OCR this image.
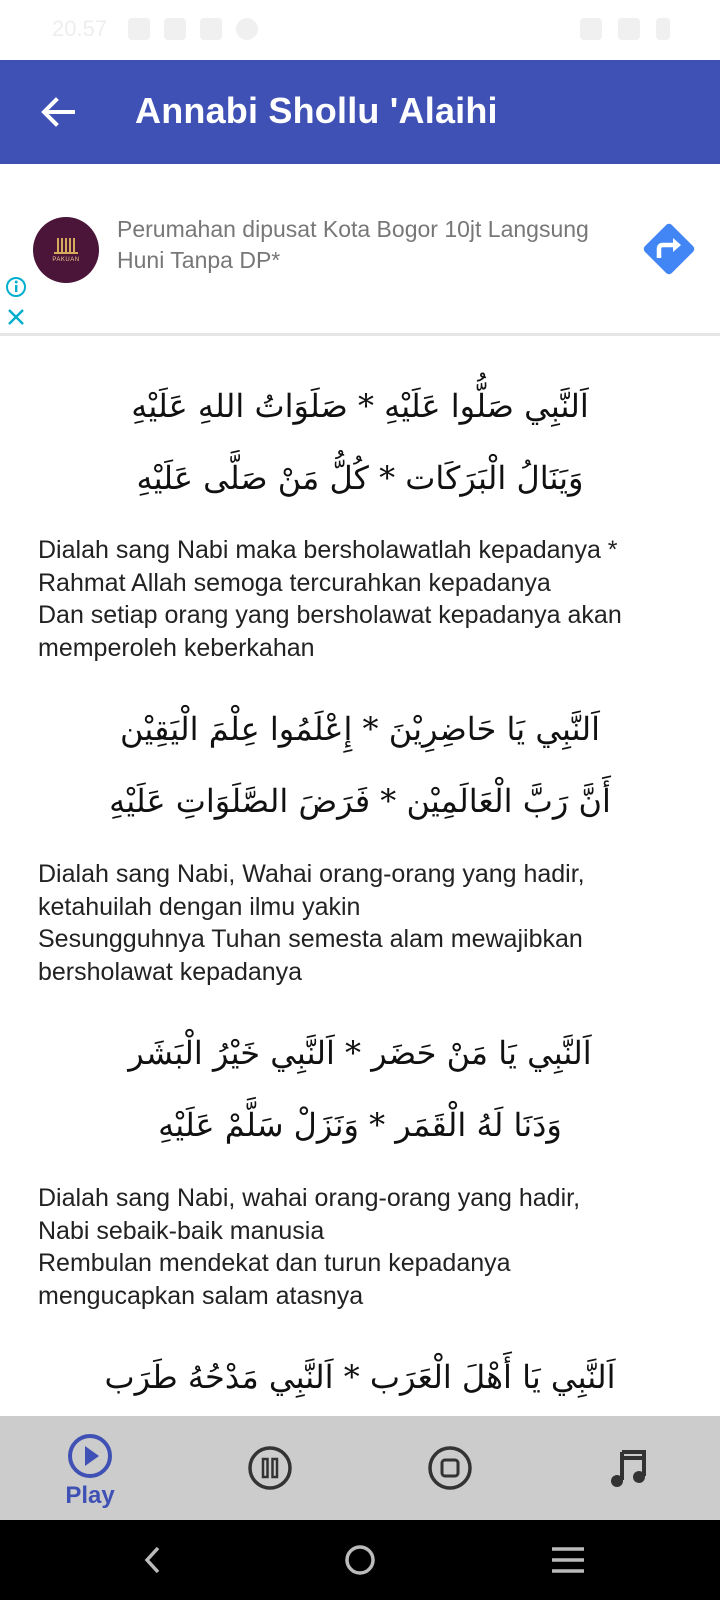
20.57
Annabi Shollu 'Alaihi
PAKUAN
Perumahan dipusat Kota Bogor 10jt Langsung Huni Tanpa DP*
اَلنَّبِي صَلُّوا عَلَيْهِ * صَلَوَاتُ اللهِ عَلَيْهِ
وَيَنَالُ الْبَرَكَات * كُلُّ مَنْ صَلَّى عَلَيْهِ
Dialah sang Nabi maka bersholawatlah kepadanya *
Rahmat Allah semoga tercurahkan kepadanya
Dan setiap orang yang bersholawat kepadanya akan
memperoleh keberkahan
اَلنَّبِي يَا حَاضِرِيْنَ * إِعْلَمُوا عِلْمَ الْيَقِيْن
أَنَّ رَبَّ الْعَالَمِيْن * فَرَضَ الصَّلَوَاتِ عَلَيْهِ
Dialah sang Nabi, Wahai orang-orang yang hadir,
ketahuilah dengan ilmu yakin
Sesungguhnya Tuhan semesta alam mewajibkan
bersholawat kepadanya
اَلنَّبِي يَا مَنْ حَضَر * اَلنَّبِي خَيْرُ الْبَشَر
وَدَنَا لَهُ الْقَمَر * وَنَزَلْ سَلَّمْ عَلَيْهِ
Dialah sang Nabi, wahai orang-orang yang hadir,
Nabi sebaik-baik manusia
Rembulan mendekat dan turun kepadanya
mengucapkan salam atasnya
اَلنَّبِي يَا أَهْلَ الْعَرَب * اَلنَّبِي مَدْحُهُ طَرَب
Play
